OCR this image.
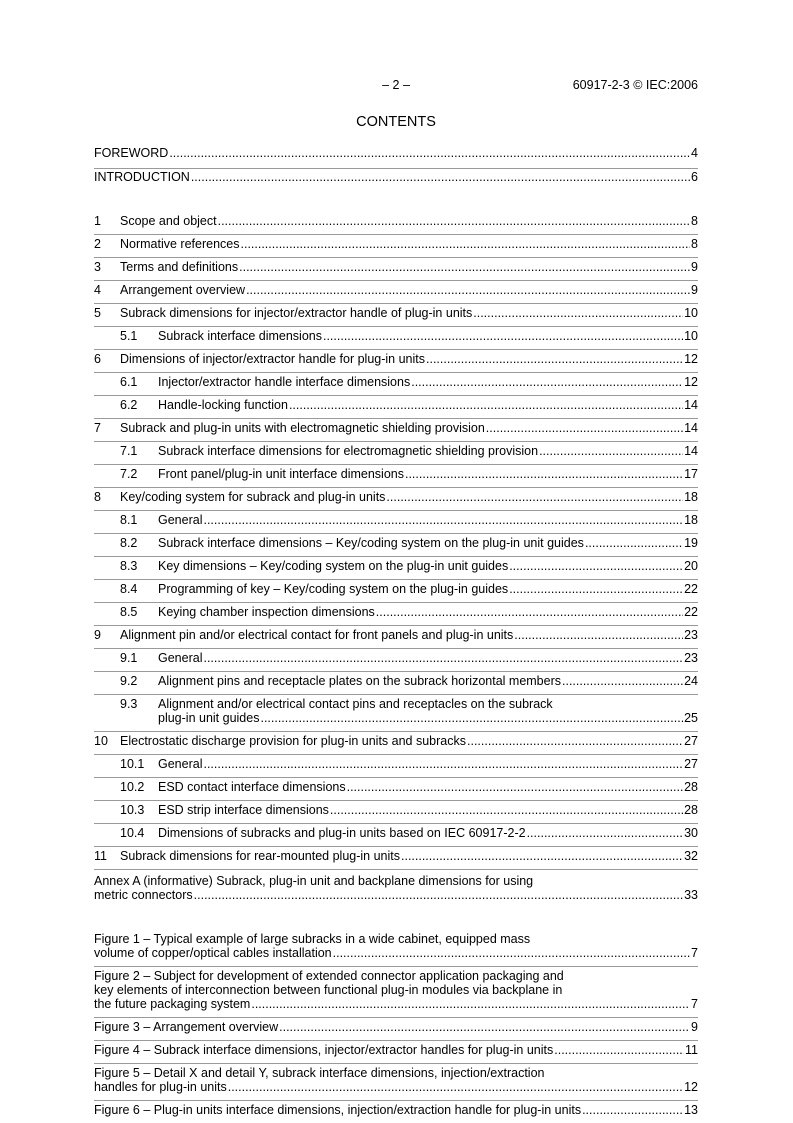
– 2 –	60917-2-3 © IEC:2006
CONTENTS
FOREWORD .....	4
INTRODUCTION .....	6
1	Scope and object .....	8
2	Normative references .....	8
3	Terms and definitions .....	9
4	Arrangement overview .....	9
5	Subrack dimensions for injector/extractor handle of plug-in units .....	10
5.1	Subrack interface dimensions .....	10
6	Dimensions of injector/extractor handle for plug-in units .....	12
6.1	Injector/extractor handle interface dimensions .....	12
6.2	Handle-locking function .....	14
7	Subrack and plug-in units with electromagnetic shielding provision .....	14
7.1	Subrack interface dimensions for electromagnetic shielding provision .....	14
7.2	Front panel/plug-in unit interface dimensions .....	17
8	Key/coding system for subrack and plug-in units .....	18
8.1	General .....	18
8.2	Subrack interface dimensions – Key/coding system on the plug-in unit guides .....	19
8.3	Key dimensions – Key/coding system on the plug-in unit guides .....	20
8.4	Programming of key – Key/coding system on the plug-in guides .....	22
8.5	Keying chamber inspection dimensions .....	22
9	Alignment pin and/or electrical contact for front panels and plug-in units .....	23
9.1	General .....	23
9.2	Alignment pins and receptacle plates on the subrack horizontal members .....	24
9.3	Alignment and/or electrical contact pins and receptacles on the subrack
plug-in unit guides .....	25
10 Electrostatic discharge provision for plug-in units and subracks .....	27
10.1	General .....	27
10.2	ESD contact interface dimensions .....	28
10.3	ESD strip interface dimensions .....	28
10.4	Dimensions of subracks and plug-in units based on IEC 60917-2-2 .....	30
11	Subrack dimensions for rear-mounted plug-in units .....	32
Annex A (informative) Subrack, plug-in unit and backplane dimensions for using
metric connectors .....	33
Figure 1 – Typical example of large subracks in a wide cabinet, equipped mass
volume of copper/optical cables installation .....	7
Figure 2 – Subject for development of extended connector application packaging and
key elements of interconnection between functional plug-in modules via backplane in
the future packaging system .....	7
Figure 3 – Arrangement overview .....	9
Figure 4 – Subrack interface dimensions, injector/extractor handles for plug-in units .....	11
Figure 5 – Detail X and detail Y, subrack interface dimensions, injection/extraction
handles for plug-in units .....	12
Figure 6 – Plug-in units interface dimensions, injection/extraction handle for plug-in units .....	13
